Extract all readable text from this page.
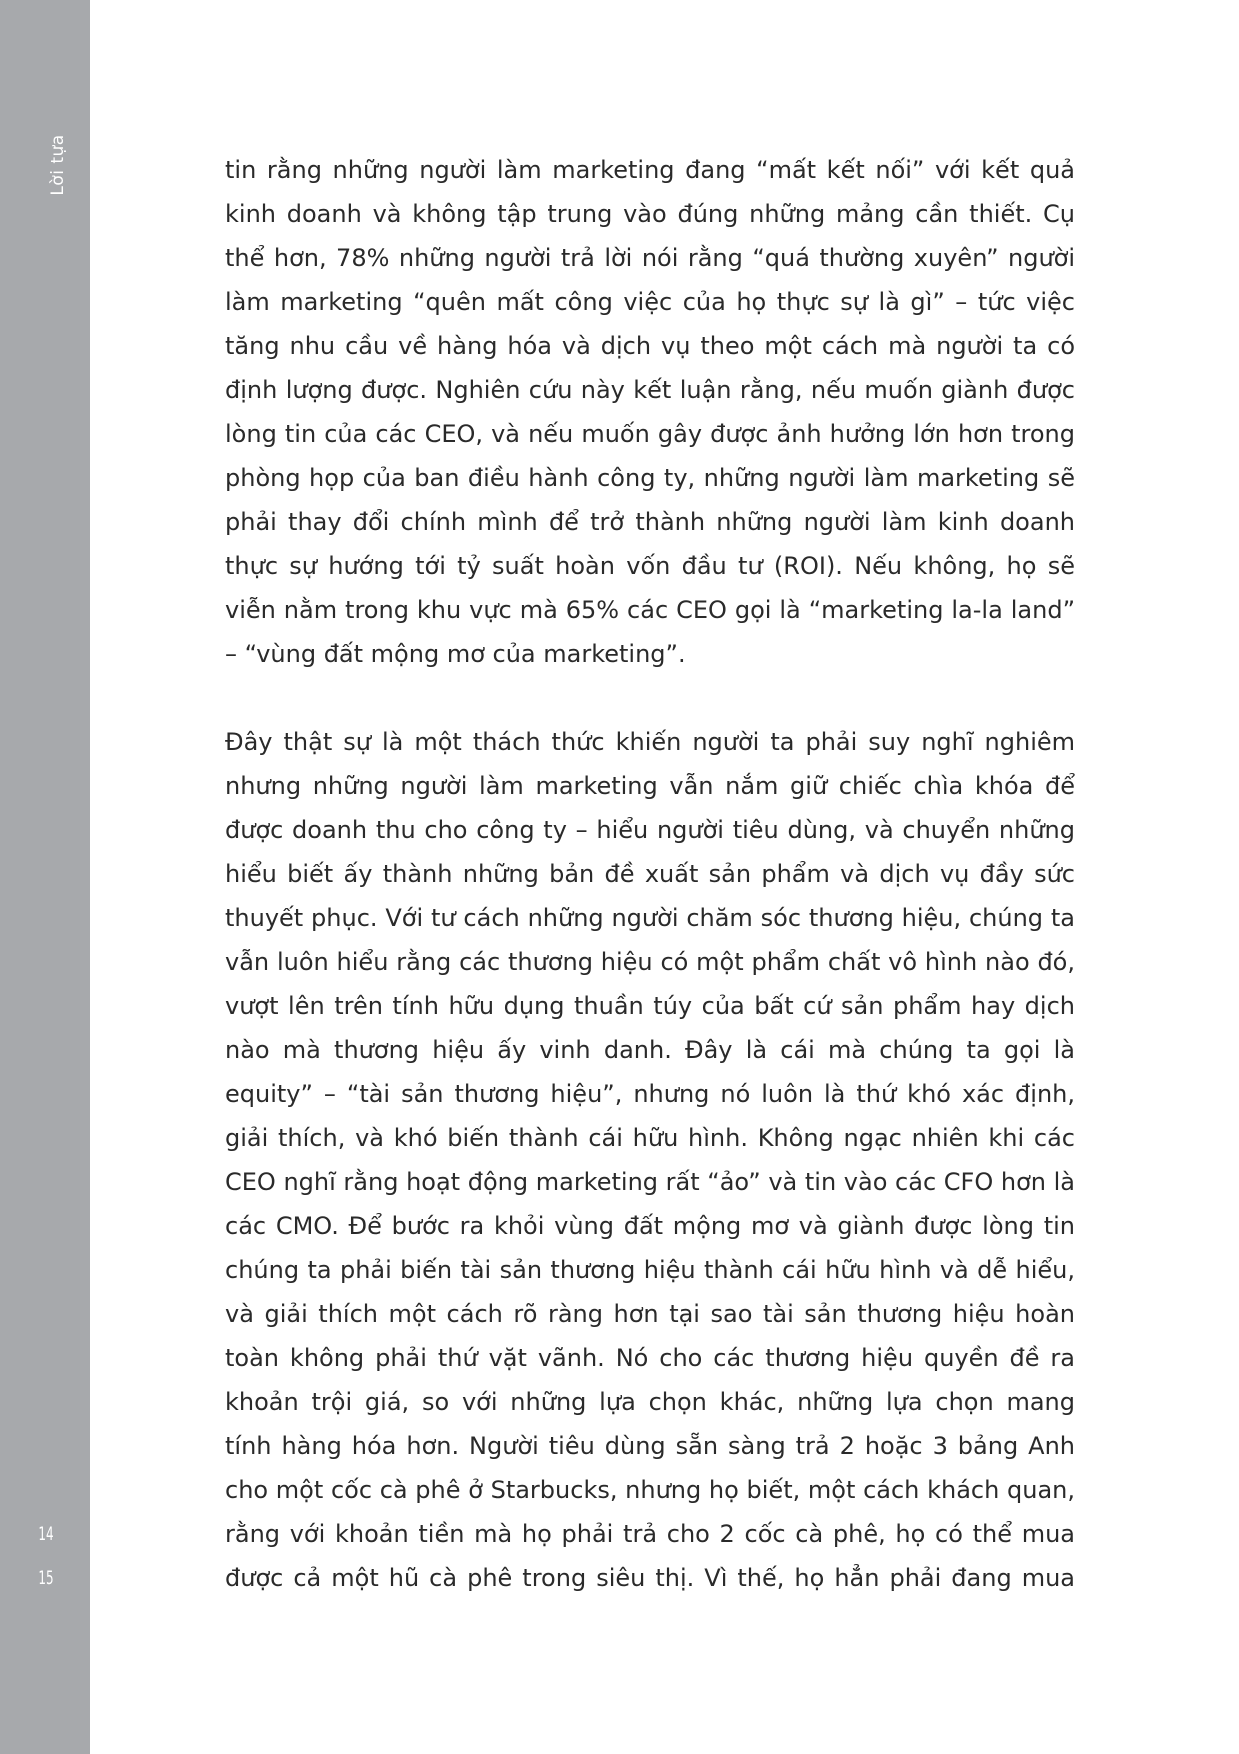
Lời tựa
14
15

tin rằng những người làm marketing đang “mất kết nối” với kết quả
kinh doanh và không tập trung vào đúng những mảng cần thiết. Cụ
thể hơn, 78% những người trả lời nói rằng “quá thường xuyên” người
làm marketing “quên mất công việc của họ thực sự là gì” – tức việc
tăng nhu cầu về hàng hóa và dịch vụ theo một cách mà người ta có
định lượng được. Nghiên cứu này kết luận rằng, nếu muốn giành được
lòng tin của các CEO, và nếu muốn gây được ảnh hưởng lớn hơn trong
phòng họp của ban điều hành công ty, những người làm marketing sẽ
phải thay đổi chính mình để trở thành những người làm kinh doanh
thực sự hướng tới tỷ suất hoàn vốn đầu tư (ROI). Nếu không, họ sẽ
viễn nằm trong khu vực mà 65% các CEO gọi là “marketing la-la land”
– “vùng đất mộng mơ của marketing”.

Đây thật sự là một thách thức khiến người ta phải suy nghĩ nghiêm
nhưng những người làm marketing vẫn nắm giữ chiếc chìa khóa để
được doanh thu cho công ty – hiểu người tiêu dùng, và chuyển những
hiểu biết ấy thành những bản đề xuất sản phẩm và dịch vụ đầy sức
thuyết phục. Với tư cách những người chăm sóc thương hiệu, chúng ta
vẫn luôn hiểu rằng các thương hiệu có một phẩm chất vô hình nào đó,
vượt lên trên tính hữu dụng thuần túy của bất cứ sản phẩm hay dịch
nào mà thương hiệu ấy vinh danh. Đây là cái mà chúng ta gọi là
equity” – “tài sản thương hiệu”, nhưng nó luôn là thứ khó xác định,
giải thích, và khó biến thành cái hữu hình. Không ngạc nhiên khi các
CEO nghĩ rằng hoạt động marketing rất “ảo” và tin vào các CFO hơn là
các CMO. Để bước ra khỏi vùng đất mộng mơ và giành được lòng tin
chúng ta phải biến tài sản thương hiệu thành cái hữu hình và dễ hiểu,
và giải thích một cách rõ ràng hơn tại sao tài sản thương hiệu hoàn
toàn không phải thứ vặt vãnh. Nó cho các thương hiệu quyền đề ra
khoản trội giá, so với những lựa chọn khác, những lựa chọn mang
tính hàng hóa hơn. Người tiêu dùng sẵn sàng trả 2 hoặc 3 bảng Anh
cho một cốc cà phê ở Starbucks, nhưng họ biết, một cách khách quan,
rằng với khoản tiền mà họ phải trả cho 2 cốc cà phê, họ có thể mua
được cả một hũ cà phê trong siêu thị. Vì thế, họ hẳn phải đang mua
